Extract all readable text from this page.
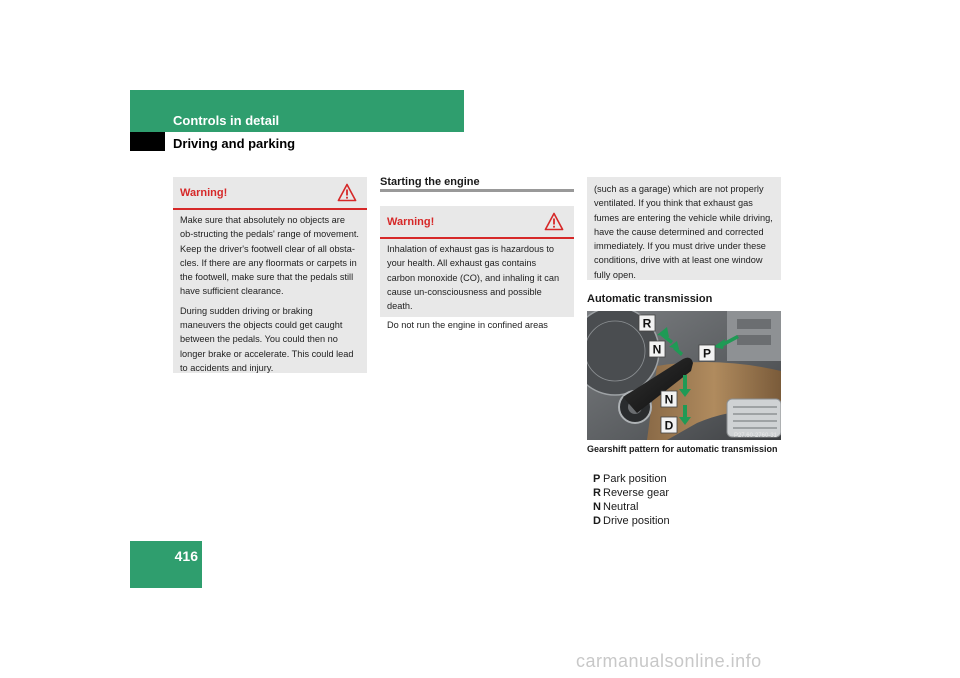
Controls in detail
Driving and parking
416
Warning!

Make sure that absolutely no objects are ob-structing the pedals' range of movement. Keep the driver's footwell clear of all obsta-cles. If there are any floormats or carpets in the footwell, make sure that the pedals still have sufficient clearance.

During sudden driving or braking maneuvers the objects could get caught between the pedals. You could then no longer brake or accelerate. This could lead to accidents and injury.

Starting the engine
Warning!

Inhalation of exhaust gas is hazardous to your health. All exhaust gas contains carbon monoxide (CO), and inhaling it can cause un-consciousness and possible death.

Do not run the engine in confined areas

(such as a garage) which are not properly ventilated. If you think that exhaust gas fumes are entering the vehicle while driving, have the cause determined and corrected immediately. If you must drive under these conditions, drive with at least one window fully open.

Automatic transmission
R
N	P
N
D
P27.60-2760-31
Gearshift pattern for automatic transmission
P Park position
R Reverse gear
N Neutral
D Drive position
carmanualsonline.info
